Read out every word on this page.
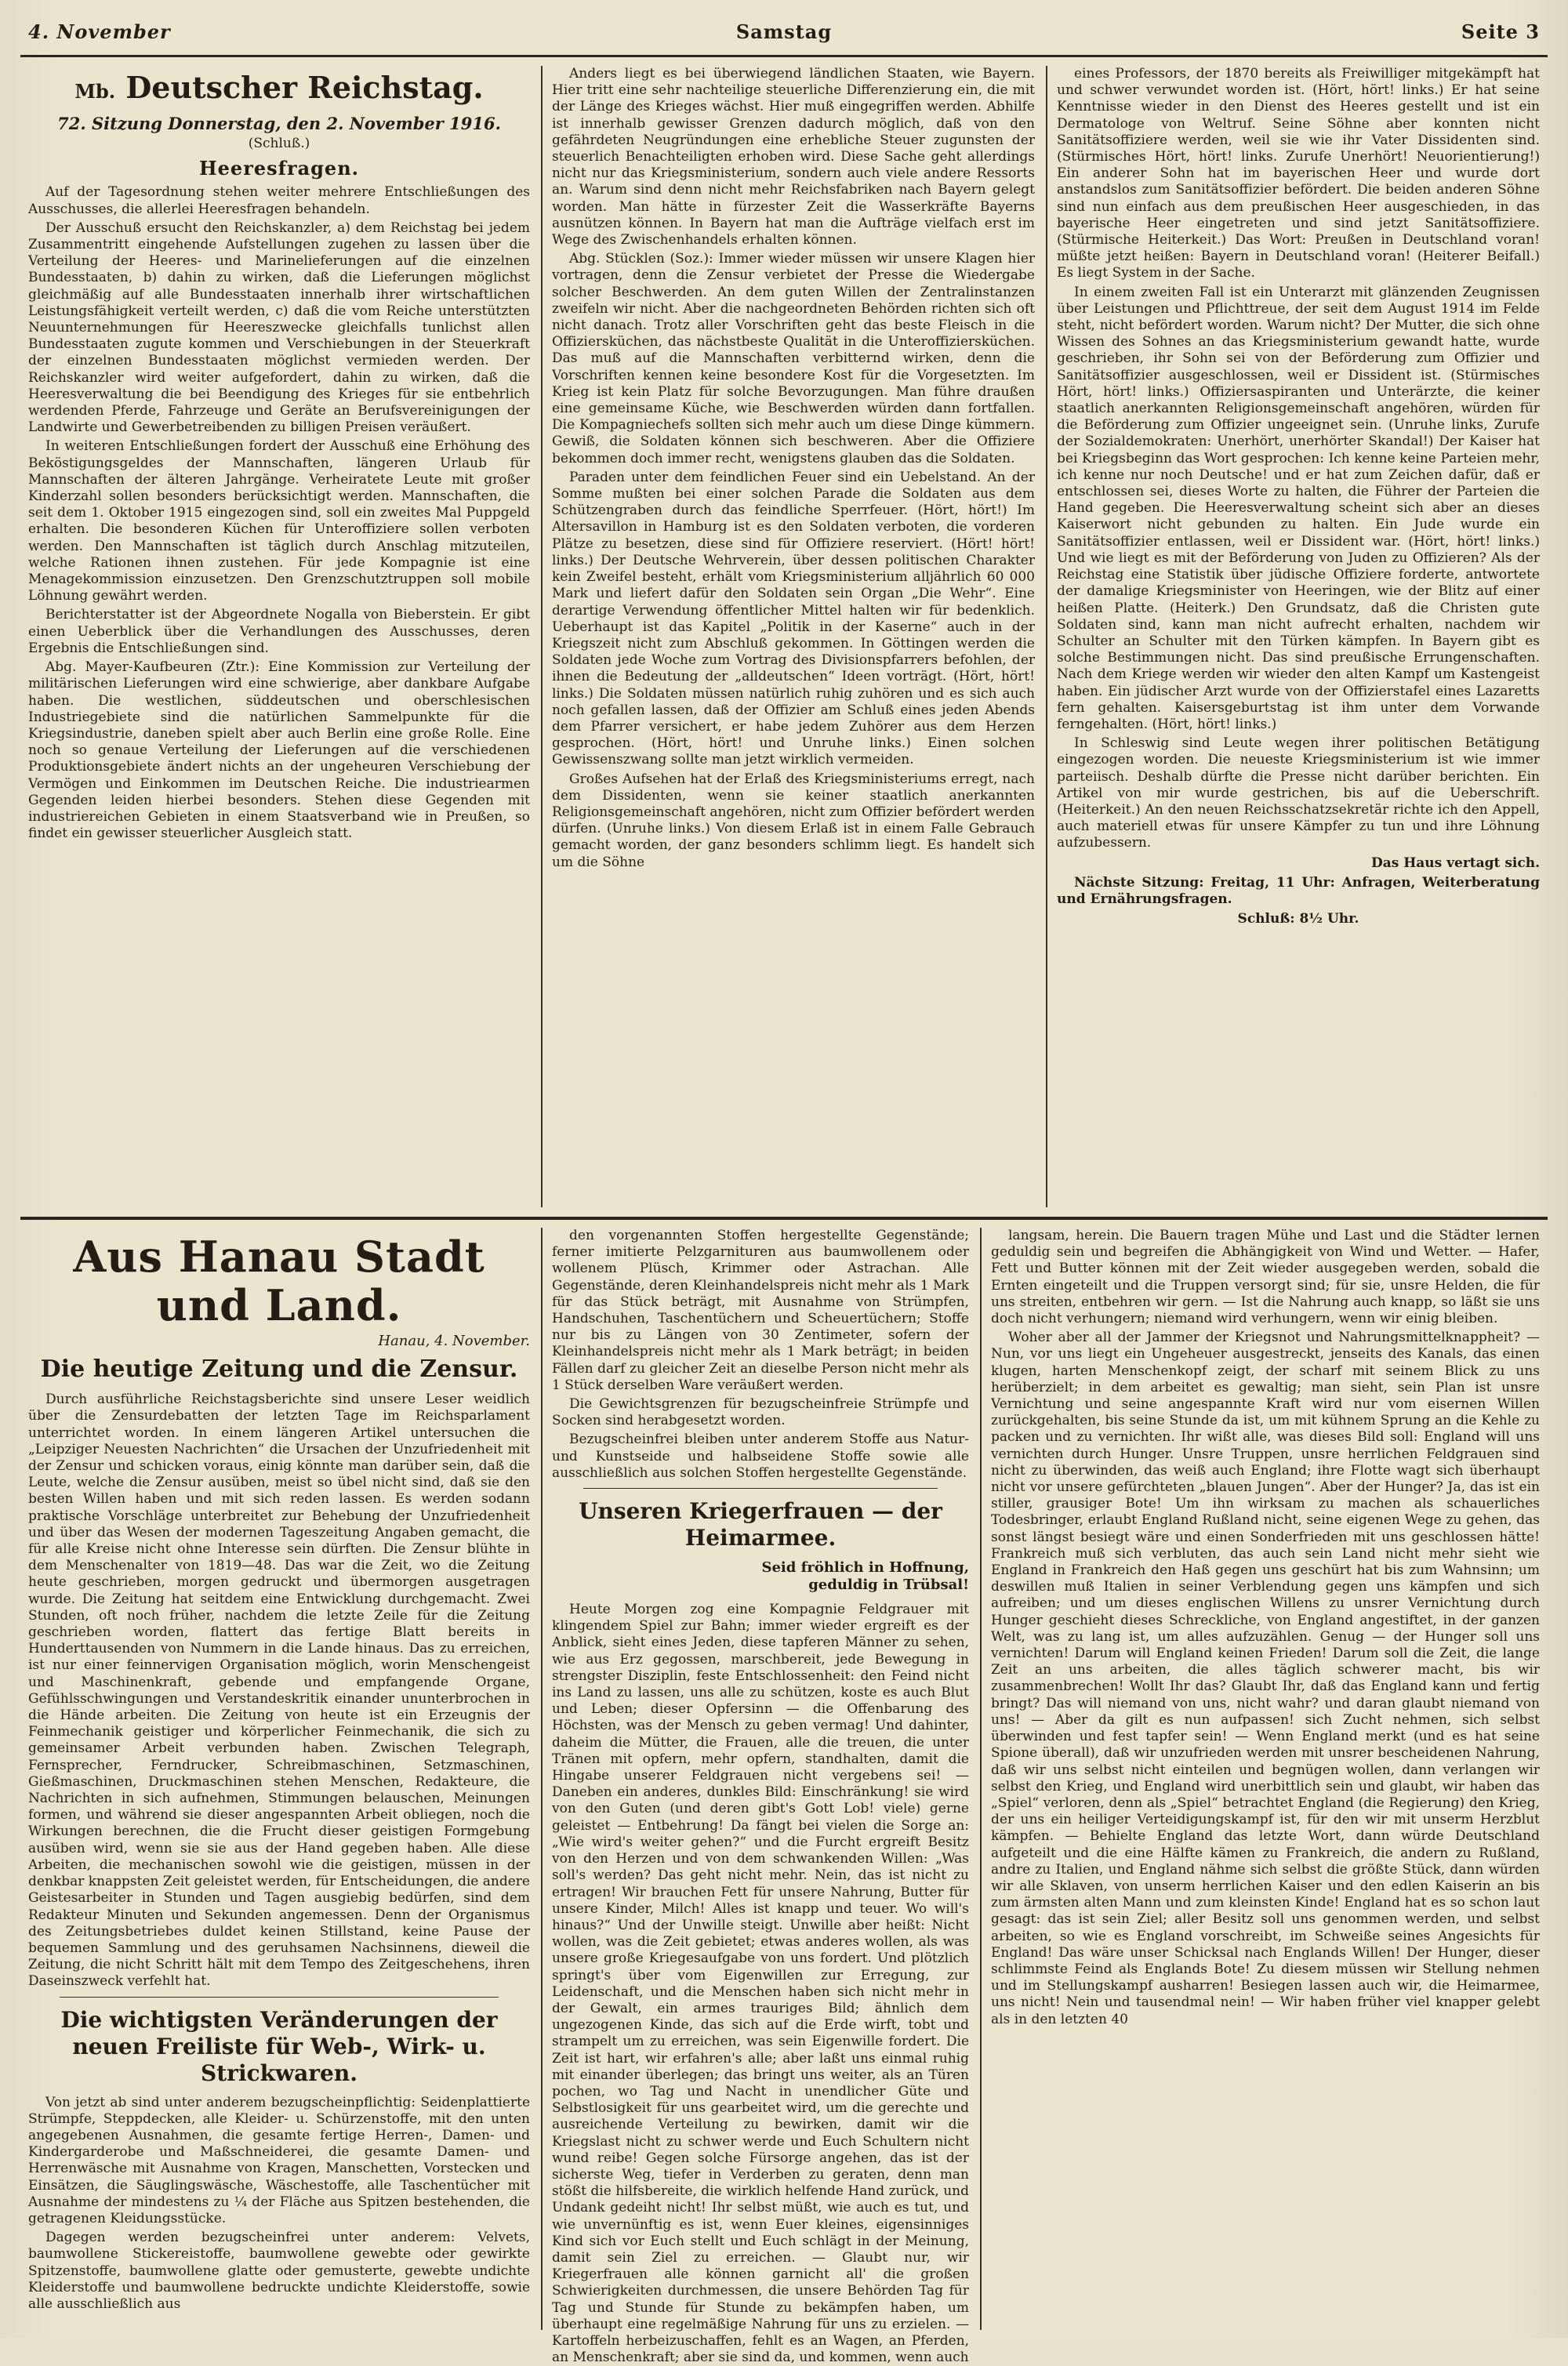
4. November	Samstag	Seite 3
Mb. Deutscher Reichstag.
72. Sitzung Donnerstag, den 2. November 1916.
(Schluß.)
Heeresfragen.

Auf der Tagesordnung stehen weiter mehrere Entschließungen des Ausschusses, die allerlei Heeresfragen behandeln.

Der Ausschuß ersucht den Reichskanzler, a) dem Reichstag bei jedem Zusammentritt eingehende Aufstellungen zugehen zu lassen über die Verteilung der Heeres- und Marinelieferungen auf die einzelnen Bundesstaaten, b) dahin zu wirken, daß die Lieferungen möglichst gleichmäßig auf alle Bundesstaaten innerhalb ihrer wirtschaftlichen Leistungsfähigkeit verteilt werden, c) daß die vom Reiche unterstützten Neuunternehmungen für Heereszwecke gleichfalls tunlichst allen Bundesstaaten zugute kommen und Verschiebungen in der Steuerkraft der einzelnen Bundesstaaten möglichst vermieden werden. Der Reichskanzler wird weiter aufgefordert, dahin zu wirken, daß die Heeresverwaltung die bei Beendigung des Krieges für sie entbehrlich werdenden Pferde, Fahrzeuge und Geräte an Berufsvereinigungen der Landwirte und Gewerbetreibenden zu billigen Preisen veräußert.

In weiteren Entschließungen fordert der Ausschuß eine Erhöhung des Beköstigungsgeldes der Mannschaften, längeren Urlaub für Mannschaften der älteren Jahrgänge. Verheiratete Leute mit großer Kinderzahl sollen besonders berücksichtigt werden. Mannschaften, die seit dem 1. Oktober 1915 eingezogen sind, soll ein zweites Mal Puppgeld erhalten. Die besonderen Küchen für Unteroffiziere sollen verboten werden. Den Mannschaften ist täglich durch Anschlag mitzuteilen, welche Rationen ihnen zustehen. Für jede Kompagnie ist eine Menagekommission einzusetzen. Den Grenzschutztruppen soll mobile Löhnung gewährt werden.

Berichterstatter ist der Abgeordnete Nogalla von Bieberstein. Er gibt einen Ueberblick über die Verhandlungen des Ausschusses, deren Ergebnis die Entschließungen sind.

Abg. Mayer-Kaufbeuren (Ztr.): Eine Kommission zur Verteilung der militärischen Lieferungen wird eine schwierige, aber dankbare Aufgabe haben. Die westlichen, süddeutschen und oberschlesischen Industriegebiete sind die natürlichen Sammelpunkte für die Kriegsindustrie, daneben spielt aber auch Berlin eine große Rolle. Eine noch so genaue Verteilung der Lieferungen auf die verschiedenen Produktionsgebiete ändert nichts an der ungeheuren Verschiebung der Vermögen und Einkommen im Deutschen Reiche. Die industriearmen Gegenden leiden hierbei besonders. Stehen diese Gegenden mit industriereichen Gebieten in einem Staatsverband wie in Preußen, so findet ein gewisser steuerlicher Ausgleich statt.

Anders liegt es bei überwiegend ländlichen Staaten, wie Bayern. Hier tritt eine sehr nachteilige steuerliche Differenzierung ein, die mit der Länge des Krieges wächst. Hier muß eingegriffen werden. Abhilfe ist innerhalb gewisser Grenzen dadurch möglich, daß von den gefährdeten Neugründungen eine erhebliche Steuer zugunsten der steuerlich Benachteiligten erhoben wird. Diese Sache geht allerdings nicht nur das Kriegsministerium, sondern auch viele andere Ressorts an. Warum sind denn nicht mehr Reichsfabriken nach Bayern gelegt worden. Man hätte in fürzester Zeit die Wasserkräfte Bayerns ausnützen können. In Bayern hat man die Aufträge vielfach erst im Wege des Zwischenhandels erhalten können.

Abg. Stücklen (Soz.): Immer wieder müssen wir unsere Klagen hier vortragen, denn die Zensur verbietet der Presse die Wiedergabe solcher Beschwerden. An dem guten Willen der Zentralinstanzen zweifeln wir nicht. Aber die nachgeordneten Behörden richten sich oft nicht danach. Trotz aller Vorschriften geht das beste Fleisch in die Offiziersküchen, das nächstbeste Qualität in die Unteroffiziersküchen. Das muß auf die Mannschaften verbitternd wirken, denn die Vorschriften kennen keine besondere Kost für die Vorgesetzten. Im Krieg ist kein Platz für solche Bevorzugungen. Man führe draußen eine gemeinsame Küche, wie Beschwerden würden dann fortfallen. Die Kompagniechefs sollten sich mehr auch um diese Dinge kümmern. Gewiß, die Soldaten können sich beschweren. Aber die Offiziere bekommen doch immer recht, wenigstens glauben das die Soldaten.

Paraden unter dem feindlichen Feuer sind ein Uebelstand. An der Somme mußten bei einer solchen Parade die Soldaten aus dem Schützengraben durch das feindliche Sperrfeuer. (Hört, hört!) Im Altersavillon in Hamburg ist es den Soldaten verboten, die vorderen Plätze zu besetzen, diese sind für Offiziere reserviert. (Hört! hört! links.) Der Deutsche Wehrverein, über dessen politischen Charakter kein Zweifel besteht, erhält vom Kriegsministerium alljährlich 60 000 Mark und liefert dafür den Soldaten sein Organ „Die Wehr“. Eine derartige Verwendung öffentlicher Mittel halten wir für bedenklich. Ueberhaupt ist das Kapitel „Politik in der Kaserne“ auch in der Kriegszeit nicht zum Abschluß gekommen. In Göttingen werden die Soldaten jede Woche zum Vortrag des Divisionspfarrers befohlen, der ihnen die Bedeutung der „alldeutschen“ Ideen vorträgt. (Hört, hört! links.) Die Soldaten müssen natürlich ruhig zuhören und es sich auch noch gefallen lassen, daß der Offizier am Schluß eines jeden Abends dem Pfarrer versichert, er habe jedem Zuhörer aus dem Herzen gesprochen. (Hört, hört! und Unruhe links.) Einen solchen Gewissenszwang sollte man jetzt wirklich vermeiden.

Großes Aufsehen hat der Erlaß des Kriegsministeriums erregt, nach dem Dissidenten, wenn sie keiner staatlich anerkannten Religionsgemeinschaft angehören, nicht zum Offizier befördert werden dürfen. (Unruhe links.) Von diesem Erlaß ist in einem Falle Gebrauch gemacht worden, der ganz besonders schlimm liegt. Es handelt sich um die Söhne

eines Professors, der 1870 bereits als Freiwilliger mitgekämpft hat und schwer verwundet worden ist. (Hört, hört! links.) Er hat seine Kenntnisse wieder in den Dienst des Heeres gestellt und ist ein Dermatologe von Weltruf. Seine Söhne aber konnten nicht Sanitätsoffiziere werden, weil sie wie ihr Vater Dissidenten sind. (Stürmisches Hört, hört! links. Zurufe Unerhört! Neuorientierung!) Ein anderer Sohn hat im bayerischen Heer und wurde dort anstandslos zum Sanitätsoffizier befördert. Die beiden anderen Söhne sind nun einfach aus dem preußischen Heer ausgeschieden, in das bayerische Heer eingetreten und sind jetzt Sanitätsoffiziere. (Stürmische Heiterkeit.) Das Wort: Preußen in Deutschland voran! müßte jetzt heißen: Bayern in Deutschland voran! (Heiterer Beifall.) Es liegt System in der Sache.

In einem zweiten Fall ist ein Unterarzt mit glänzenden Zeugnissen über Leistungen und Pflichttreue, der seit dem August 1914 im Felde steht, nicht befördert worden. Warum nicht? Der Mutter, die sich ohne Wissen des Sohnes an das Kriegsministerium gewandt hatte, wurde geschrieben, ihr Sohn sei von der Beförderung zum Offizier und Sanitätsoffizier ausgeschlossen, weil er Dissident ist. (Stürmisches Hört, hört! links.) Offiziersaspiranten und Unterärzte, die keiner staatlich anerkannten Religionsgemeinschaft angehören, würden für die Beförderung zum Offizier ungeeignet sein. (Unruhe links, Zurufe der Sozialdemokraten: Unerhört, unerhörter Skandal!) Der Kaiser hat bei Kriegsbeginn das Wort gesprochen: Ich kenne keine Parteien mehr, ich kenne nur noch Deutsche! und er hat zum Zeichen dafür, daß er entschlossen sei, dieses Worte zu halten, die Führer der Parteien die Hand gegeben. Die Heeresverwaltung scheint sich aber an dieses Kaiserwort nicht gebunden zu halten. Ein Jude wurde ein Sanitätsoffizier entlassen, weil er Dissident war. (Hört, hört! links.) Und wie liegt es mit der Beförderung von Juden zu Offizieren? Als der Reichstag eine Statistik über jüdische Offiziere forderte, antwortete der damalige Kriegsminister von Heeringen, wie der Blitz auf einer heißen Platte. (Heiterk.) Den Grundsatz, daß die Christen gute Soldaten sind, kann man nicht aufrecht erhalten, nachdem wir Schulter an Schulter mit den Türken kämpfen. In Bayern gibt es solche Bestimmungen nicht. Das sind preußische Errungenschaften. Nach dem Kriege werden wir wieder den alten Kampf um Kastengeist haben. Ein jüdischer Arzt wurde von der Offizierstafel eines Lazaretts fern gehalten. Kaisersgeburtstag ist ihm unter dem Vorwande ferngehalten. (Hört, hört! links.)

In Schleswig sind Leute wegen ihrer politischen Betätigung eingezogen worden. Die neueste Kriegsministerium ist wie immer parteiisch. Deshalb dürfte die Presse nicht darüber berichten. Ein Artikel von mir wurde gestrichen, bis auf die Ueberschrift. (Heiterkeit.) An den neuen Reichsschatzsekretär richte ich den Appell, auch materiell etwas für unsere Kämpfer zu tun und ihre Löhnung aufzubessern.

Das Haus vertagt sich.

Nächste Sitzung: Freitag, 11 Uhr: Anfragen, Weiterberatung und Ernährungsfragen.

Schluß: 8½ Uhr.
Aus Hanau Stadt und Land.
Hanau, 4. November.
Die heutige Zeitung und die Zensur.

Durch ausführliche Reichstagsberichte sind unsere Leser weidlich über die Zensurdebatten der letzten Tage im Reichsparlament unterrichtet worden. In einem längeren Artikel untersuchen die „Leipziger Neuesten Nachrichten“ die Ursachen der Unzufriedenheit mit der Zensur und schicken voraus, einig könnte man darüber sein, daß die Leute, welche die Zensur ausüben, meist so übel nicht sind, daß sie den besten Willen haben und mit sich reden lassen. Es werden sodann praktische Vorschläge unterbreitet zur Behebung der Unzufriedenheit und über das Wesen der modernen Tageszeitung Angaben gemacht, die für alle Kreise nicht ohne Interesse sein dürften. Die Zensur blühte in dem Menschenalter von 1819—48. Das war die Zeit, wo die Zeitung heute geschrieben, morgen gedruckt und übermorgen ausgetragen wurde. Die Zeitung hat seitdem eine Entwicklung durchgemacht. Zwei Stunden, oft noch früher, nachdem die letzte Zeile für die Zeitung geschrieben worden, flattert das fertige Blatt bereits in Hunderttausenden von Nummern in die Lande hinaus. Das zu erreichen, ist nur einer feinnervigen Organisation möglich, worin Menschengeist und Maschinenkraft, gebende und empfangende Organe, Gefühlsschwingungen und Verstandeskritik einander ununterbrochen in die Hände arbeiten. Die Zeitung von heute ist ein Erzeugnis der Feinmechanik geistiger und körperlicher Feinmechanik, die sich zu gemeinsamer Arbeit verbunden haben. Zwischen Telegraph, Fernsprecher, Ferndrucker, Schreibmaschinen, Setzmaschinen, Gießmaschinen, Druckmaschinen stehen Menschen, Redakteure, die Nachrichten in sich aufnehmen, Stimmungen belauschen, Meinungen formen, und während sie dieser angespannten Arbeit obliegen, noch die Wirkungen berechnen, die die Frucht dieser geistigen Formgebung ausüben wird, wenn sie sie aus der Hand gegeben haben. Alle diese Arbeiten, die mechanischen sowohl wie die geistigen, müssen in der denkbar knappsten Zeit geleistet werden, für Entscheidungen, die andere Geistesarbeiter in Stunden und Tagen ausgiebig bedürfen, sind dem Redakteur Minuten und Sekunden angemessen. Denn der Organismus des Zeitungsbetriebes duldet keinen Stillstand, keine Pause der bequemen Sammlung und des geruhsamen Nachsinnens, dieweil die Zeitung, die nicht Schritt hält mit dem Tempo des Zeitgeschehens, ihren Daseinszweck verfehlt hat.

Die wichtigsten Veränderungen der neuen Freiliste für Web-, Wirk- u. Strickwaren.

Von jetzt ab sind unter anderem bezugscheinpflichtig: Seidenplattierte Strümpfe, Steppdecken, alle Kleider- u. Schürzenstoffe, mit den unten angegebenen Ausnahmen, die gesamte fertige Herren-, Damen- und Kindergarderobe und Maßschneiderei, die gesamte Damen- und Herrenwäsche mit Ausnahme von Kragen, Manschetten, Vorstecken und Einsätzen, die Säuglingswäsche, Wäschestoffe, alle Taschentücher mit Ausnahme der mindestens zu ¼ der Fläche aus Spitzen bestehenden, die getragenen Kleidungsstücke.

Dagegen werden bezugscheinfrei unter anderem: Velvets, baumwollene Stickereistoffe, baumwollene gewebte oder gewirkte Spitzenstoffe, baumwollene glatte oder gemusterte, gewebte undichte Kleiderstoffe und baumwollene bedruckte undichte Kleiderstoffe, sowie alle ausschließlich aus

den vorgenannten Stoffen hergestellte Gegenstände; ferner imitierte Pelzgarnituren aus baumwollenem oder wollenem Plüsch, Krimmer oder Astrachan. Alle Gegenstände, deren Kleinhandelspreis nicht mehr als 1 Mark für das Stück beträgt, mit Ausnahme von Strümpfen, Handschuhen, Taschentüchern und Scheuertüchern; Stoffe nur bis zu Längen von 30 Zentimeter, sofern der Kleinhandelspreis nicht mehr als 1 Mark beträgt; in beiden Fällen darf zu gleicher Zeit an dieselbe Person nicht mehr als 1 Stück derselben Ware veräußert werden.

Die Gewichtsgrenzen für bezugscheinfreie Strümpfe und Socken sind herabgesetzt worden.

Bezugscheinfrei bleiben unter anderem Stoffe aus Natur- und Kunstseide und halbseidene Stoffe sowie alle ausschließlich aus solchen Stoffen hergestellte Gegenstände.

Unseren Kriegerfrauen — der Heimarmee.
Seid fröhlich in Hoffnung,
geduldig in Trübsal!

Heute Morgen zog eine Kompagnie Feldgrauer mit klingendem Spiel zur Bahn; immer wieder ergreift es der Anblick, sieht eines Jeden, diese tapferen Männer zu sehen, wie aus Erz gegossen, marschbereit, jede Bewegung in strengster Disziplin, feste Entschlossenheit: den Feind nicht ins Land zu lassen, uns alle zu schützen, koste es auch Blut und Leben; dieser Opfersinn — die Offenbarung des Höchsten, was der Mensch zu geben vermag! Und dahinter, daheim die Mütter, die Frauen, alle die treuen, die unter Tränen mit opfern, mehr opfern, standhalten, damit die Hingabe unserer Feldgrauen nicht vergebens sei! — Daneben ein anderes, dunkles Bild: Einschränkung! sie wird von den Guten (und deren gibt's Gott Lob! viele) gerne geleistet — Entbehrung! Da fängt bei vielen die Sorge an: „Wie wird's weiter gehen?“ und die Furcht ergreift Besitz von den Herzen und von dem schwankenden Willen: „Was soll's werden? Das geht nicht mehr. Nein, das ist nicht zu ertragen! Wir brauchen Fett für unsere Nahrung, Butter für unsere Kinder, Milch! Alles ist knapp und teuer. Wo will's hinaus?“ Und der Unwille steigt. Unwille aber heißt: Nicht wollen, was die Zeit gebietet; etwas anderes wollen, als was unsere große Kriegesaufgabe von uns fordert. Und plötzlich springt's über vom Eigenwillen zur Erregung, zur Leidenschaft, und die Menschen haben sich nicht mehr in der Gewalt, ein armes trauriges Bild; ähnlich dem ungezogenen Kinde, das sich auf die Erde wirft, tobt und strampelt um zu erreichen, was sein Eigenwille fordert. Die Zeit ist hart, wir erfahren's alle; aber laßt uns einmal ruhig mit einander überlegen; das bringt uns weiter, als an Türen pochen, wo Tag und Nacht in unendlicher Güte und Selbstlosigkeit für uns gearbeitet wird, um die gerechte und ausreichende Verteilung zu bewirken, damit wir die Kriegslast nicht zu schwer werde und Euch Schultern nicht wund reibe! Gegen solche Fürsorge angehen, das ist der sicherste Weg, tiefer in Verderben zu geraten, denn man stößt die hilfsbereite, die wirklich helfende Hand zurück, und Undank gedeiht nicht! Ihr selbst müßt, wie auch es tut, und wie unvernünftig es ist, wenn Euer kleines, eigensinniges Kind sich vor Euch stellt und Euch schlägt in der Meinung, damit sein Ziel zu erreichen. — Glaubt nur, wir Kriegerfrauen alle können garnicht all' die großen Schwierigkeiten durchmessen, die unsere Behörden Tag für Tag und Stunde für Stunde zu bekämpfen haben, um überhaupt eine regelmäßige Nahrung für uns zu erzielen. — Kartoffeln herbeizuschaffen, fehlt es an Wagen, an Pferden, an Menschenkraft; aber sie sind da, und kommen, wenn auch

langsam, herein. Die Bauern tragen Mühe und Last und die Städter lernen geduldig sein und begreifen die Abhängigkeit von Wind und Wetter. — Hafer, Fett und Butter können mit der Zeit wieder ausgegeben werden, sobald die Ernten eingeteilt und die Truppen versorgt sind; für sie, unsre Helden, die für uns streiten, entbehren wir gern. — Ist die Nahrung auch knapp, so läßt sie uns doch nicht verhungern; niemand wird verhungern, wenn wir einig bleiben.

Woher aber all der Jammer der Kriegsnot und Nahrungsmittelknappheit? — Nun, vor uns liegt ein Ungeheuer ausgestreckt, jenseits des Kanals, das einen klugen, harten Menschenkopf zeigt, der scharf mit seinem Blick zu uns herüberzielt; in dem arbeitet es gewaltig; man sieht, sein Plan ist unsre Vernichtung und seine angespannte Kraft wird nur vom eisernen Willen zurückgehalten, bis seine Stunde da ist, um mit kühnem Sprung an die Kehle zu packen und zu vernichten. Ihr wißt alle, was dieses Bild soll: England will uns vernichten durch Hunger. Unsre Truppen, unsre herrlichen Feldgrauen sind nicht zu überwinden, das weiß auch England; ihre Flotte wagt sich überhaupt nicht vor unsere gefürchteten „blauen Jungen“. Aber der Hunger? Ja, das ist ein stiller, grausiger Bote! Um ihn wirksam zu machen als schauerliches Todesbringer, erlaubt England Rußland nicht, seine eigenen Wege zu gehen, das sonst längst besiegt wäre und einen Sonderfrieden mit uns geschlossen hätte! Frankreich muß sich verbluten, das auch sein Land nicht mehr sieht wie England in Frankreich den Haß gegen uns geschürt hat bis zum Wahnsinn; um deswillen muß Italien in seiner Verblendung gegen uns kämpfen und sich aufreiben; und um dieses englischen Willens zu unsrer Vernichtung durch Hunger geschieht dieses Schreckliche, von England angestiftet, in der ganzen Welt, was zu lang ist, um alles aufzuzählen. Genug — der Hunger soll uns vernichten! Darum will England keinen Frieden! Darum soll die Zeit, die lange Zeit an uns arbeiten, die alles täglich schwerer macht, bis wir zusammenbrechen! Wollt Ihr das? Glaubt Ihr, daß das England kann und fertig bringt? Das will niemand von uns, nicht wahr? und daran glaubt niemand von uns! — Aber da gilt es nun aufpassen! sich Zucht nehmen, sich selbst überwinden und fest tapfer sein! — Wenn England merkt (und es hat seine Spione überall), daß wir unzufrieden werden mit unsrer bescheidenen Nahrung, daß wir uns selbst nicht einteilen und begnügen wollen, dann verlangen wir selbst den Krieg, und England wird unerbittlich sein und glaubt, wir haben das „Spiel“ verloren, denn als „Spiel“ betrachtet England (die Regierung) den Krieg, der uns ein heiliger Verteidigungskampf ist, für den wir mit unserm Herzblut kämpfen. — Behielte England das letzte Wort, dann würde Deutschland aufgeteilt und die eine Hälfte kämen zu Frankreich, die andern zu Rußland, andre zu Italien, und England nähme sich selbst die größte Stück, dann würden wir alle Sklaven, von unserm herrlichen Kaiser und den edlen Kaiserin an bis zum ärmsten alten Mann und zum kleinsten Kinde! England hat es so schon laut gesagt: das ist sein Ziel; aller Besitz soll uns genommen werden, und selbst arbeiten, so wie es England vorschreibt, im Schweiße seines Angesichts für England! Das wäre unser Schicksal nach Englands Willen! Der Hunger, dieser schlimmste Feind als Englands Bote! Zu diesem müssen wir Stellung nehmen und im Stellungskampf ausharren! Besiegen lassen auch wir, die Heimarmee, uns nicht! Nein und tausendmal nein! — Wir haben früher viel knapper gelebt als in den letzten 40
